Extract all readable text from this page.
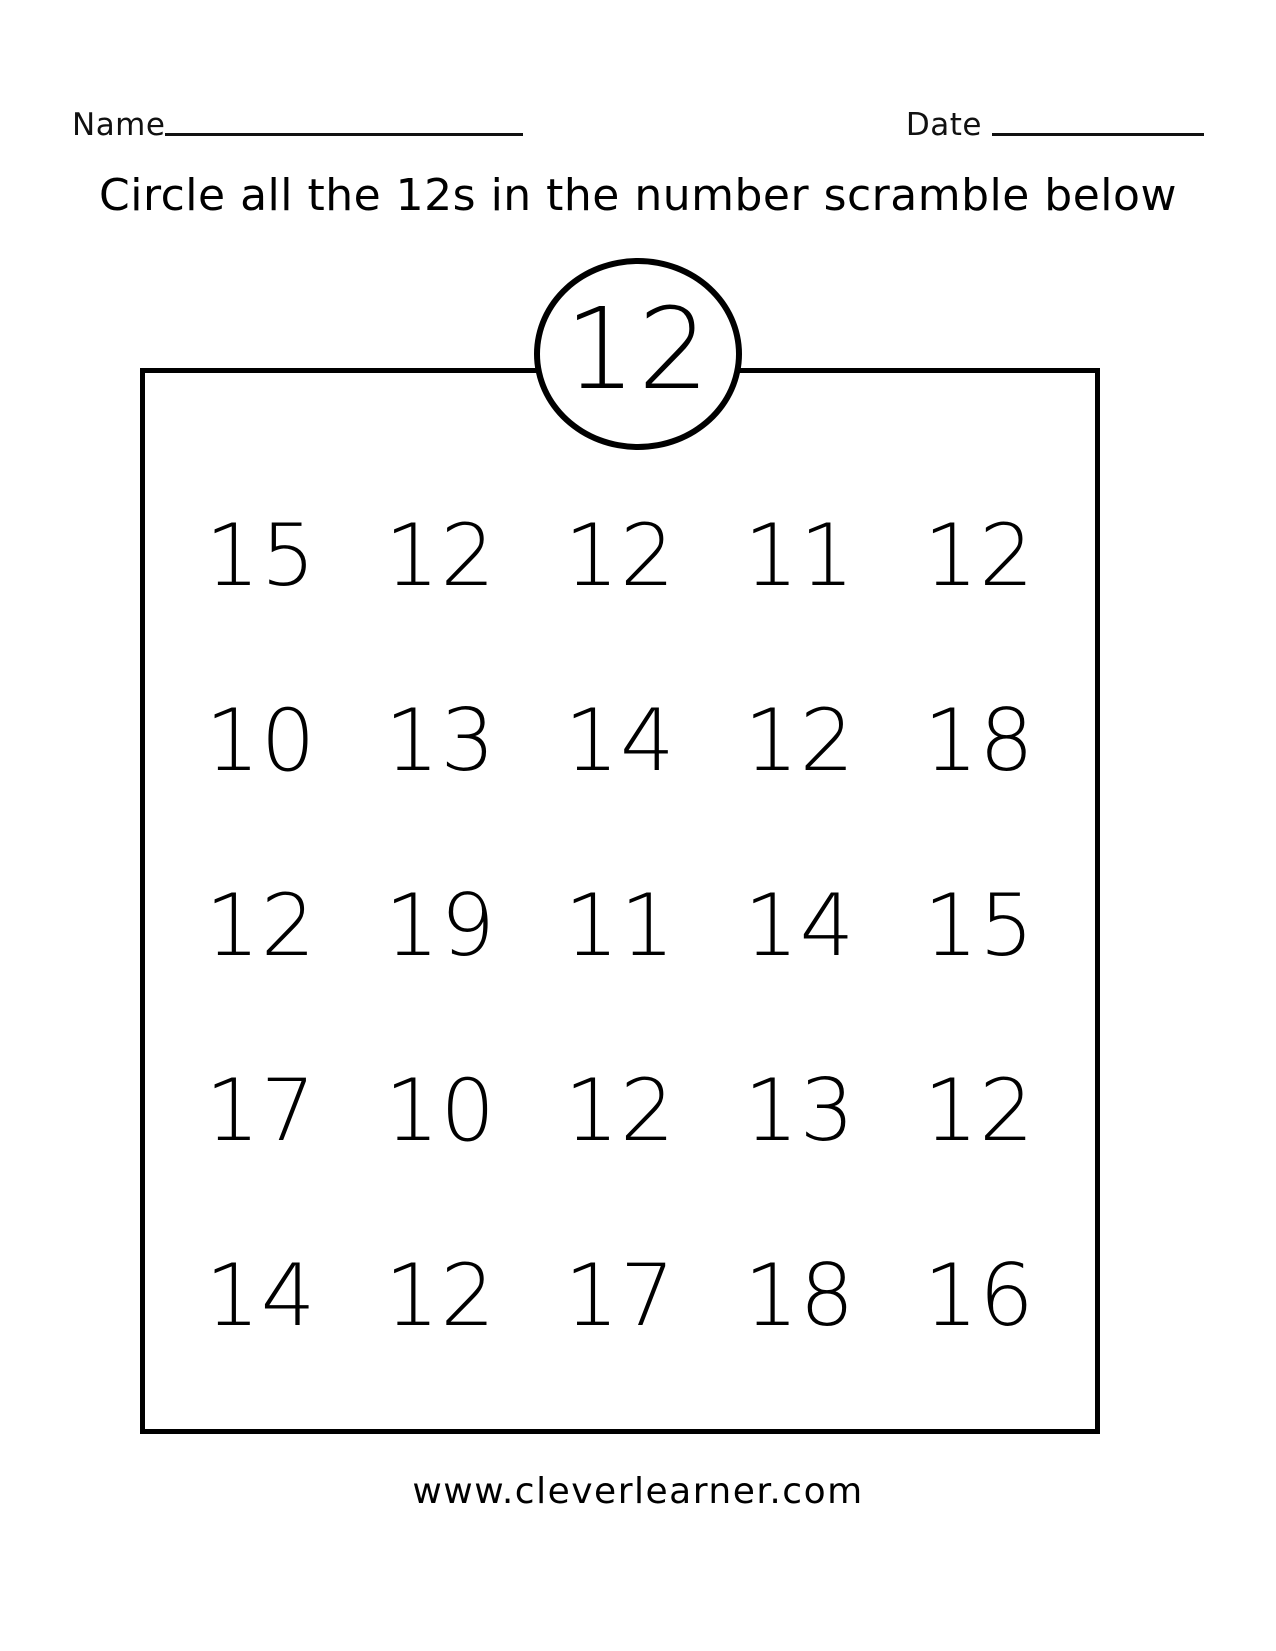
Name	Date
Circle all the 12s in the number scramble below
12
15 12 12 11 12
10 13 14 12 18
12 19 11 14 15
17 10 12 13 12
14 12 17 18 16
www.cleverlearner.com
